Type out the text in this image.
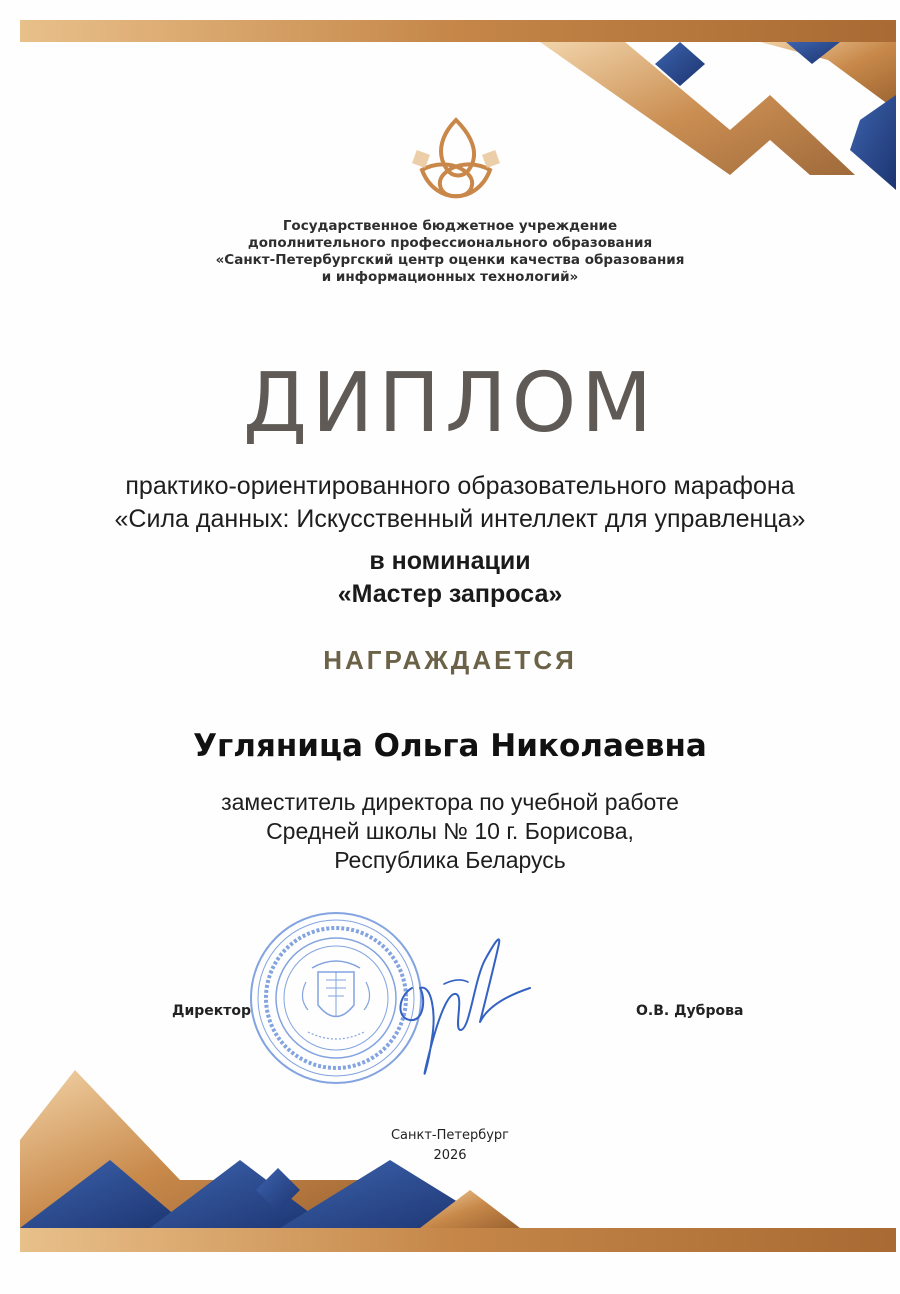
Государственное бюджетное учреждение
дополнительного профессионального образования
«Санкт-Петербургский центр оценки качества образования
и информационных технологий»
ДИПЛОМ
практико-ориентированного образовательного марафона
«Сила данных: Искусственный интеллект для управленца»
в номинации
«Мастер запроса»
НАГРАЖДАЕТСЯ
Угляница Ольга Николаевна
заместитель директора по учебной работе
Средней школы № 10 г. Борисова,
Республика Беларусь
Директор	О.В. Дуброва
Санкт-Петербург
2026
